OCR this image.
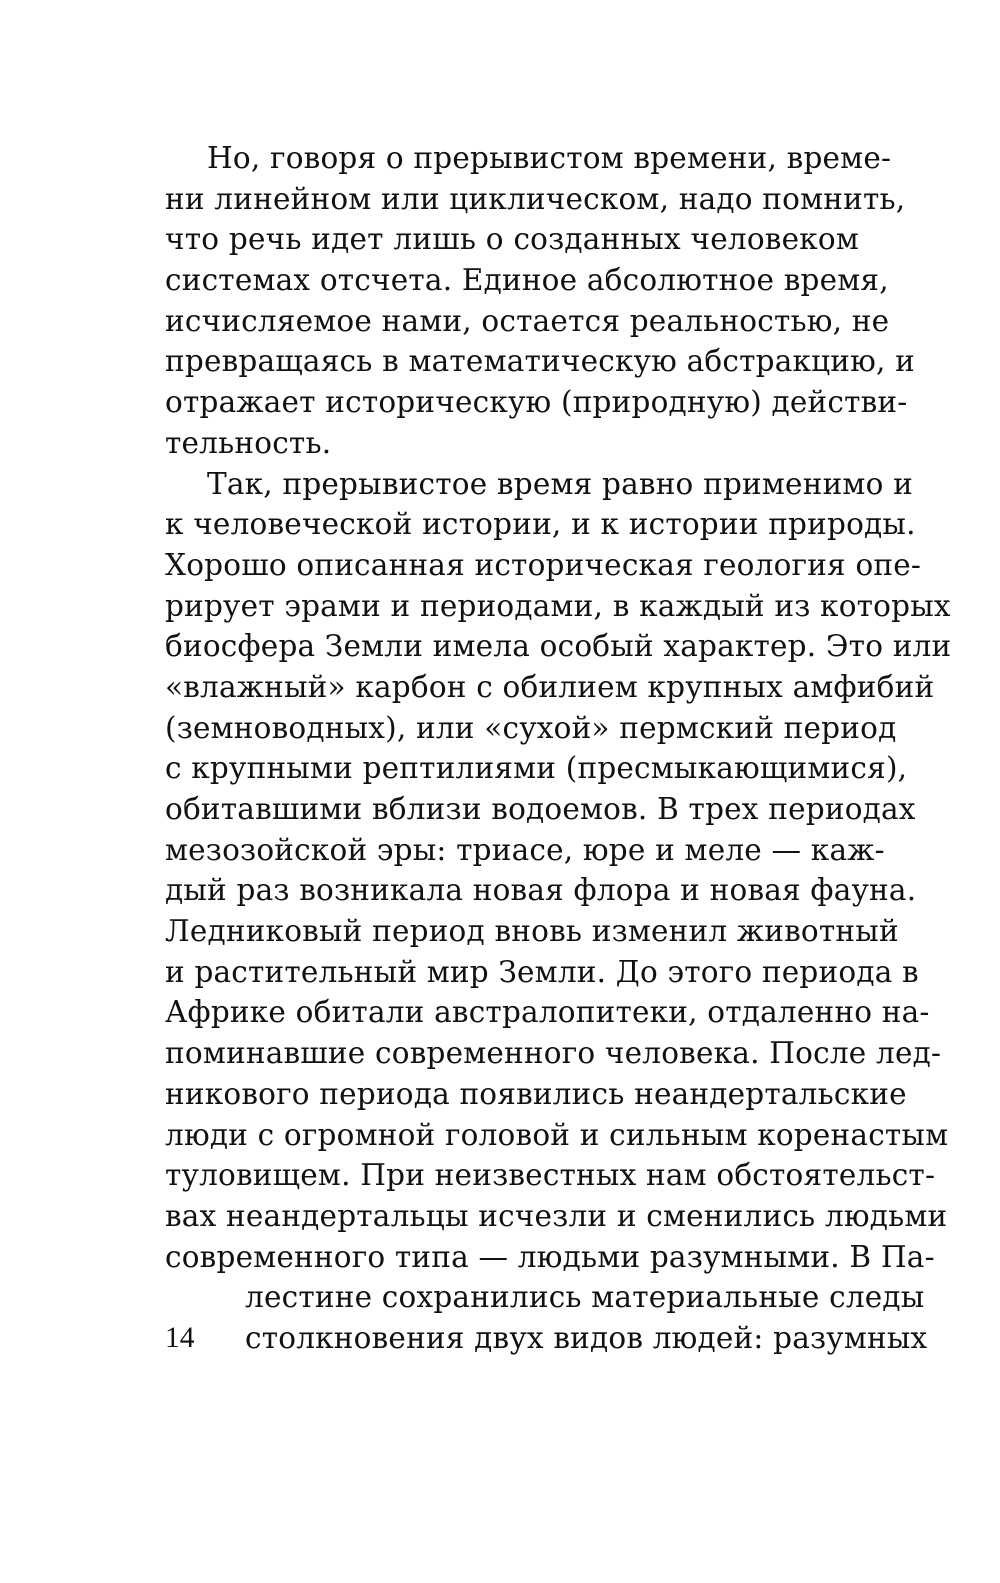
Но, говоря о прерывистом времени, време-
ни линейном или циклическом, надо помнить,
что речь идет лишь о созданных человеком
системах отсчета. Единое абсолютное время,
исчисляемое нами, остается реальностью, не
превращаясь в математическую абстракцию, и
отражает историческую (природную) действи-
тельность.
Так, прерывистое время равно применимо и
к человеческой истории, и к истории природы.
Хорошо описанная историческая геология опе-
рирует эрами и периодами, в каждый из которых
биосфера Земли имела особый характер. Это или
«влажный» карбон с обилием крупных амфибий
(земноводных), или «сухой» пермский период
с крупными рептилиями (пресмыкающимися),
обитавшими вблизи водоемов. В трех периодах
мезозойской эры: триасе, юре и меле — каж-
дый раз возникала новая флора и новая фауна.
Ледниковый период вновь изменил животный
и растительный мир Земли. До этого периода в
Африке обитали австралопитеки, отдаленно на-
поминавшие современного человека. После лед-
никового периода появились неандертальские
люди с огромной головой и сильным коренастым
туловищем. При неизвестных нам обстоятельст-
вах неандертальцы исчезли и сменились людьми
современного типа — людьми разумными. В Па-
лестине сохранились материальные следы
14	столкновения двух видов людей: разумных
